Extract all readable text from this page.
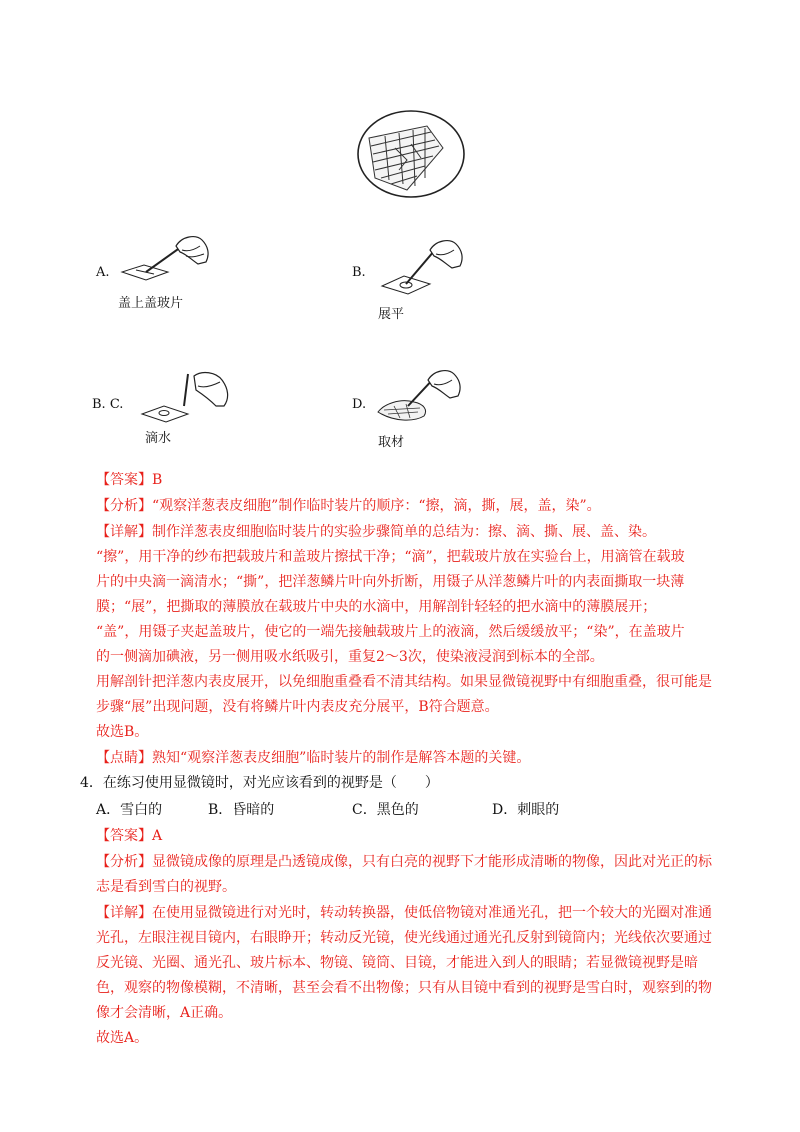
A.
盖上盖玻片
B.
展平
B. C.
滴水
D.
取材
【答案】B
【分析】“观察洋葱表皮细胞”制作临时装片的顺序：“擦，滴，撕，展，盖，染”。
【详解】制作洋葱表皮细胞临时装片的实验步骤简单的总结为：擦、滴、撕、展、盖、染。
“擦”，用干净的纱布把载玻片和盖玻片擦拭干净；“滴”，把载玻片放在实验台上，用滴管在载玻
片的中央滴一滴清水；“撕”，把洋葱鳞片叶向外折断，用镊子从洋葱鳞片叶的内表面撕取一块薄
膜；“展”，把撕取的薄膜放在载玻片中央的水滴中，用解剖针轻轻的把水滴中的薄膜展开；
“盖”，用镊子夹起盖玻片，使它的一端先接触载玻片上的液滴，然后缓缓放平；“染”，在盖玻片
的一侧滴加碘液，另一侧用吸水纸吸引，重复2～3次，使染液浸润到标本的全部。
用解剖针把洋葱内表皮展开，以免细胞重叠看不清其结构。如果显微镜视野中有细胞重叠，很可能是
步骤“展”出现问题，没有将鳞片叶内表皮充分展平，B符合题意。
故选B。
【点睛】熟知“观察洋葱表皮细胞”临时装片的制作是解答本题的关键。
4．在练习使用显微镜时，对光应该看到的视野是（　　）
A．雪白的	B．昏暗的	C．黑色的	D．刺眼的
【答案】A
【分析】显微镜成像的原理是凸透镜成像，只有白亮的视野下才能形成清晰的物像，因此对光正的标
志是看到雪白的视野。
【详解】在使用显微镜进行对光时，转动转换器，使低倍物镜对准通光孔，把一个较大的光圈对准通
光孔，左眼注视目镜内，右眼睁开；转动反光镜，使光线通过通光孔反射到镜筒内；光线依次要通过
反光镜、光圈、通光孔、玻片标本、物镜、镜筒、目镜，才能进入到人的眼睛；若显微镜视野是暗
色，观察的物像模糊，不清晰，甚至会看不出物像；只有从目镜中看到的视野是雪白时，观察到的物
像才会清晰，A正确。
故选A。
